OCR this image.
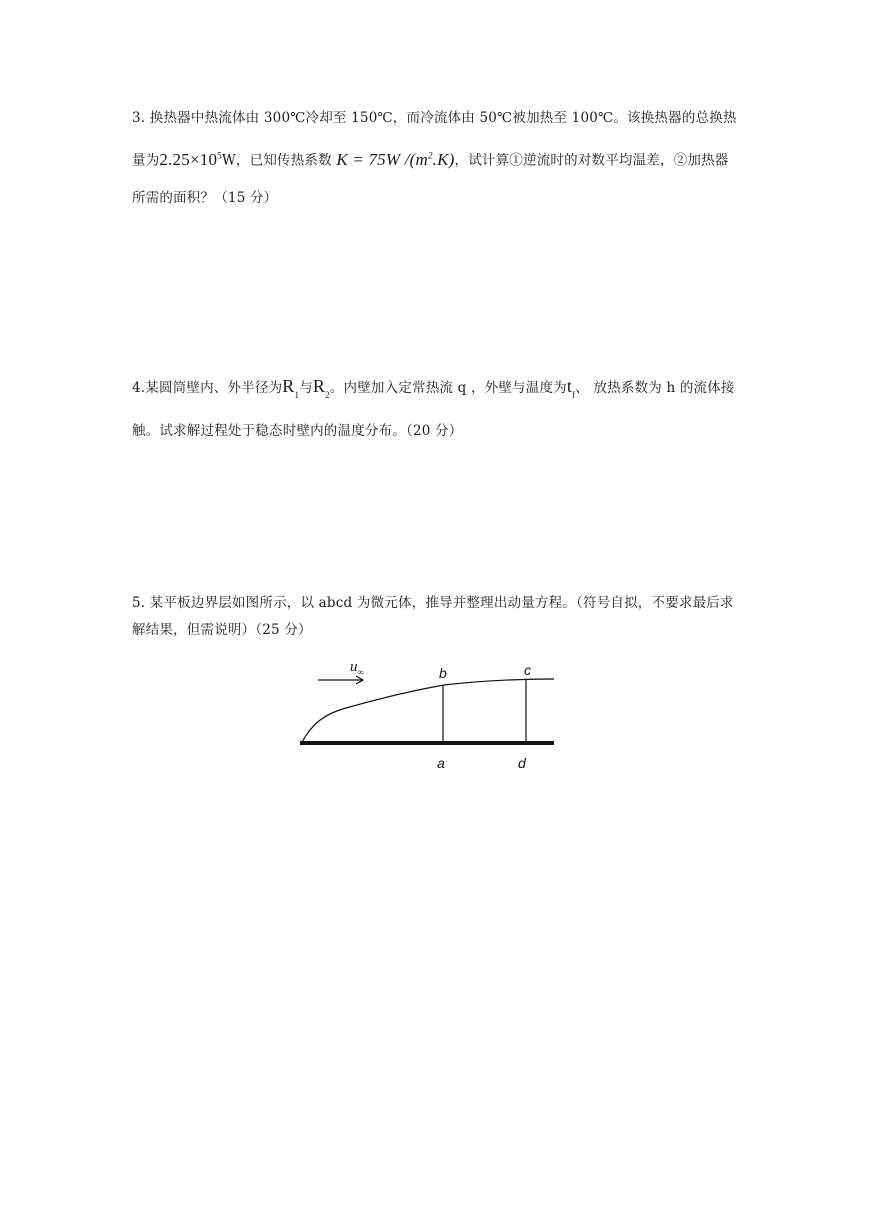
3. 换热器中热流体由 300℃冷却至 150℃，而冷流体由 50℃被加热至 100℃。该换热器的总换热量为$2.25\times 10^5W$，已知传热系数 K = 75W $/(m^2.K)$，试计算①逆流时的对数平均温差，②加热器所需的面积？（15 分）
4.某圆筒壁内、外半径为$R_1$与$R_2$。内壁加入定常热流 q ，外壁与温度为$t_f$、 放热系数为 h 的流体接触。试求解过程处于稳态时壁内的温度分布。（20 分）
5. 某平板边界层如图所示，以 abcd 为微元体，推导并整理出动量方程。（符号自拟，不要求最后求解结果，但需说明）（25 分）
$u_\infty$	b	c
a	d
